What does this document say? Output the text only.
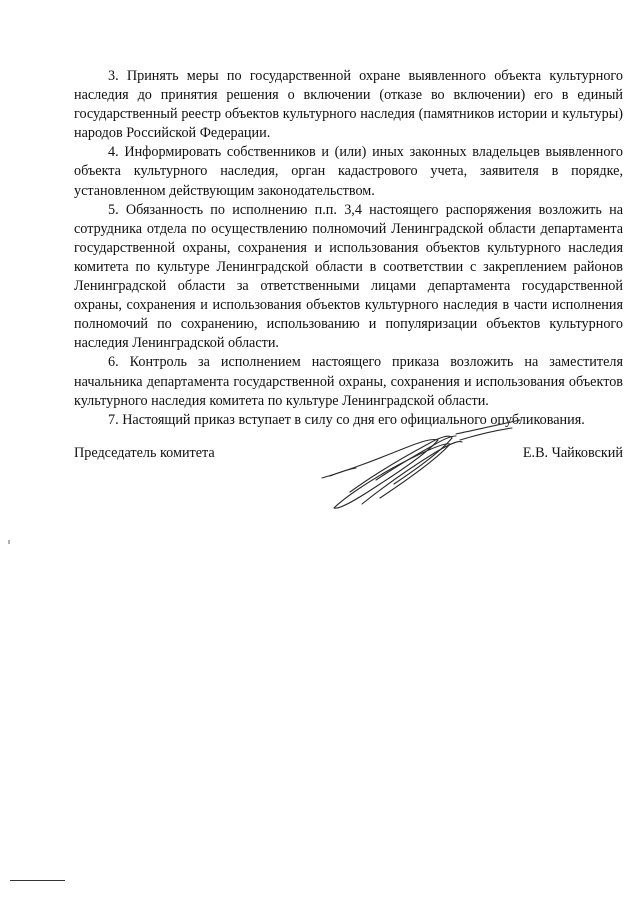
3. Принять меры по государственной охране выявленного объекта культурного наследия до принятия решения о включении (отказе во включении) его в единый государственный реестр объектов культурного наследия (памятников истории и культуры) народов Российской Федерации.

4. Информировать собственников и (или) иных законных владельцев выявленного объекта культурного наследия, орган кадастрового учета, заявителя в порядке, установленном действующим законодательством.

5. Обязанность по исполнению п.п. 3,4 настоящего распоряжения возложить на сотрудника отдела по осуществлению полномочий Ленинградской области департамента государственной охраны, сохранения и использования объектов культурного наследия комитета по культуре Ленинградской области в соответствии с закреплением районов Ленинградской области за ответственными лицами департамента государственной охраны, сохранения и использования объектов культурного наследия в части исполнения полномочий по сохранению, использованию и популяризации объектов культурного наследия Ленинградской области.

6. Контроль за исполнением настоящего приказа возложить на заместителя начальника департамента государственной охраны, сохранения и использования объектов культурного наследия комитета по культуре Ленинградской области.

7. Настоящий приказ вступает в силу со дня его официального опубликования.

Председатель комитета	Е.В. Чайковский
